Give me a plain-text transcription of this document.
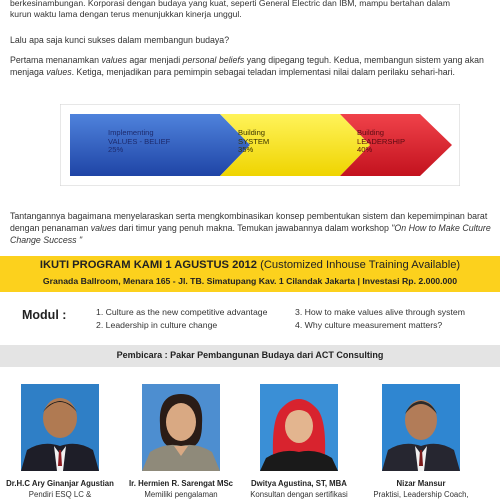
berkesinambungan. Korporasi dengan budaya yang kuat, seperti General Electric dan IBM, mampu bertahan dalam
kurun waktu lama dengan terus menunjukkan kinerja unggul.
Lalu apa saja kunci sukses dalam membangun budaya?
Pertama menanamkan values agar menjadi personal beliefs yang dipegang teguh. Kedua, membangun sistem yang akan menjaga values. Ketiga, menjadikan para pemimpin sebagai teladan implementasi nilai dalam perilaku sehari-hari.
Implementing
VALUES - BELIEF
25%
Building
SYSTEM
35%
Building
LEADERSHIP
40%
Tantangannya bagaimana menyelaraskan serta mengkombinasikan konsep pembentukan sistem dan kepemimpinan barat dengan penanaman values dari timur yang penuh makna. Temukan jawabannya dalam workshop "On How to Make Culture Change Success "
IKUTI PROGRAM KAMI 1 AGUSTUS 2012 (Customized Inhouse Training Available)
Granada Ballroom, Menara 165 - Jl. TB. Simatupang Kav. 1 Cilandak Jakarta | Investasi Rp. 2.000.000
Modul :	1. Culture as the new competitive advantage
2. Leadership in culture change
3. How to make values alive through system
4. Why culture measurement matters?
Pembicara : Pakar Pembangunan Budaya dari ACT Consulting
Dr.H.C Ary Ginanjar Agustian	Ir. Hermien R. Sarengat MSc	Dwitya Agustina, ST, MBA	Nizar Mansur
Pendiri ESQ LC &	Memiliki pengalaman	Konsultan dengan sertifikasi	Praktisi, Leadership Coach,
